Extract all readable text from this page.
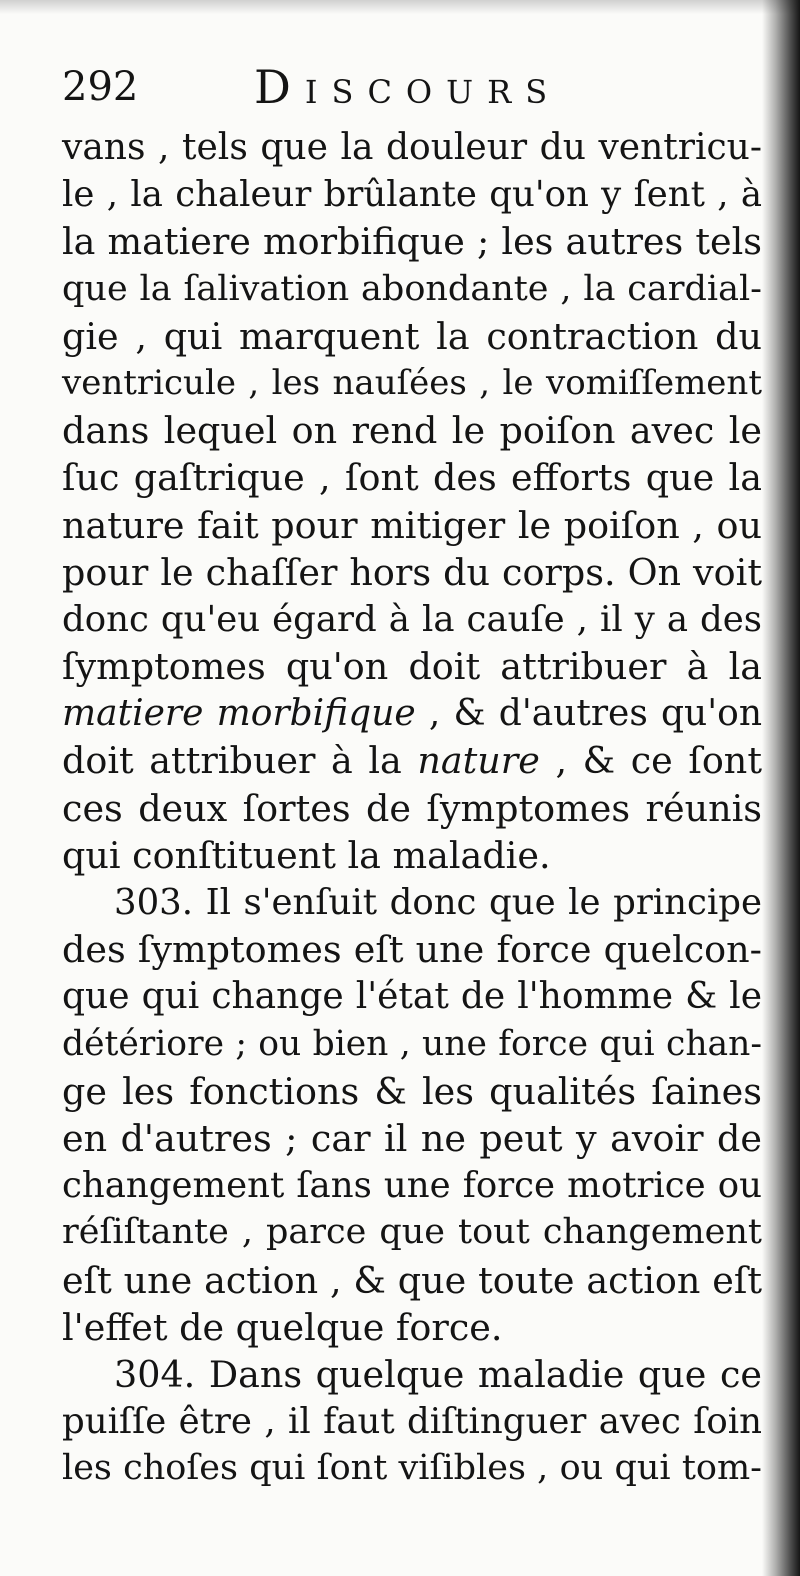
292	Discours
vans , tels que la douleur du ventricu-
le , la chaleur brûlante qu'on y ſent , à
la matiere morbifique ; les autres tels
que la ſalivation abondante , la cardial-
gie , qui marquent la contraction du
ventricule , les nauſées , le vomiſſement
dans lequel on rend le poiſon avec le
ſuc gaſtrique , ſont des efforts que la
nature fait pour mitiger le poiſon , ou
pour le chaſſer hors du corps. On voit
donc qu'eu égard à la cauſe , il y a des
ſymptomes qu'on doit attribuer à la
matiere morbifique , & d'autres qu'on
doit attribuer à la nature , & ce ſont
ces deux ſortes de ſymptomes réunis
qui conſtituent la maladie.
303. Il s'enſuit donc que le principe
des ſymptomes eſt une force quelcon-
que qui change l'état de l'homme & le
détériore ; ou bien , une force qui chan-
ge les fonctions & les qualités ſaines
en d'autres ; car il ne peut y avoir de
changement ſans une force motrice ou
réſiſtante , parce que tout changement
eſt une action , & que toute action eſt
l'effet de quelque force.
304. Dans quelque maladie que ce
puiſſe être , il faut diſtinguer avec ſoin
les choſes qui ſont viſibles , ou qui tom-
